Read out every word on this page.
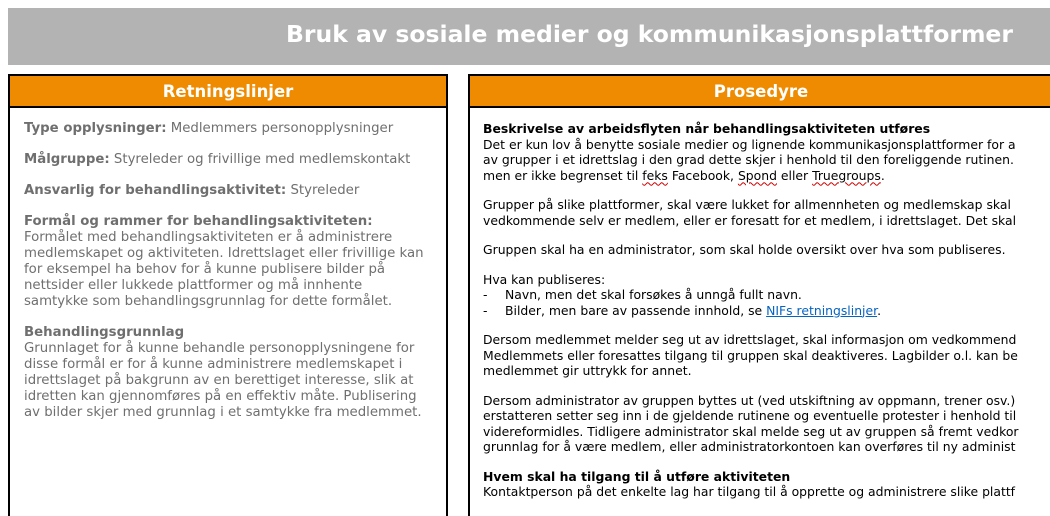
Bruk av sosiale medier og kommunikasjonsplattformer
Retningslinjer
Type opplysninger: Medlemmers personopplysninger
Målgruppe: Styreleder og frivillige med medlemskontakt
Ansvarlig for behandlingsaktivitet: Styreleder
Formål og rammer for behandlingsaktiviteten:
Formålet med behandlingsaktiviteten er å administrere
medlemskapet og aktiviteten. Idrettslaget eller frivillige kan
for eksempel ha behov for å kunne publisere bilder på
nettsider eller lukkede plattformer og må innhente
samtykke som behandlingsgrunnlag for dette formålet.
Behandlingsgrunnlag
Grunnlaget for å kunne behandle personopplysningene for
disse formål er for å kunne administrere medlemskapet i
idrettslaget på bakgrunn av en berettiget interesse, slik at
idretten kan gjennomføres på en effektiv måte. Publisering
av bilder skjer med grunnlag i et samtykke fra medlemmet.
Prosedyre
Beskrivelse av arbeidsflyten når behandlingsaktiviteten utføres
Det er kun lov å benytte sosiale medier og lignende kommunikasjonsplattformer for a
av grupper i et idrettslag i den grad dette skjer i henhold til den foreliggende rutinen.
men er ikke begrenset til feks Facebook, Spond eller Truegroups.
Grupper på slike plattformer, skal være lukket for allmennheten og medlemskap skal
vedkommende selv er medlem, eller er foresatt for et medlem, i idrettslaget. Det skal
Gruppen skal ha en administrator, som skal holde oversikt over hva som publiseres.
Hva kan publiseres:
- Navn, men det skal forsøkes å unngå fullt navn.
- Bilder, men bare av passende innhold, se NIFs retningslinjer.
Dersom medlemmet melder seg ut av idrettslaget, skal informasjon om vedkommend
Medlemmets eller foresattes tilgang til gruppen skal deaktiveres. Lagbilder o.l. kan be
medlemmet gir uttrykk for annet.
Dersom administrator av gruppen byttes ut (ved utskiftning av oppmann, trener osv.)
erstatteren setter seg inn i de gjeldende rutinene og eventuelle protester i henhold til
videreformidles. Tidligere administrator skal melde seg ut av gruppen så fremt vedkor
grunnlag for å være medlem, eller administratorkontoen kan overføres til ny administ
Hvem skal ha tilgang til å utføre aktiviteten
Kontaktperson på det enkelte lag har tilgang til å opprette og administrere slike plattf
